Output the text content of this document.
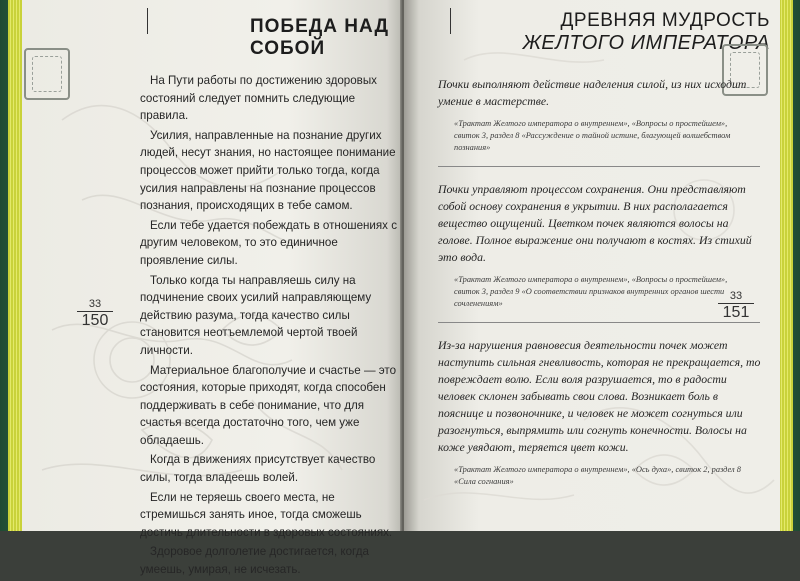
ПОБЕДА НАД СОБОЙ
33
150

На Пути работы по достижению здоровых состояний следует помнить следующие правила.

Усилия, направленные на познание других людей, несут знания, но настоящее понимание процессов может прийти только тогда, когда усилия направлены на познание процессов познания, происходящих в тебе самом.

Если тебе удается побеждать в отношениях с другим человеком, то это единичное проявление силы.

Только когда ты направляешь силу на подчинение своих усилий направляющему действию разума, тогда качество силы становится неотъемлемой чертой твоей личности.

Материальное благополучие и счастье — это состояния, которые приходят, когда способен поддерживать в себе понимание, что для счастья всегда достаточно того, чем уже обладаешь.

Когда в движениях присутствует качество силы, тогда владеешь волей.

Если не теряешь своего места, не стремишься занять иное, тогда сможешь достичь длительности в здоровых состояниях.

Здоровое долголетие достигается, когда умеешь, умирая, не исчезать.

ДРЕВНЯЯ МУДРОСТЬ
ЖЕЛТОГО ИМПЕРАТОРА
33
151

Почки выполняют действие наделения силой, из них исходит умение в мастерстве.

«Трактат Желтого императора о внутреннем», «Вопросы о простейшем», свиток 3, раздел 8 «Рассуждение о тайной истине, благующей волшебством познания»

Почки управляют процессом сохранения. Они представляют собой основу сохранения в укрытии. В них располагается вещество ощущений. Цветком почек являются волосы на голове. Полное выражение они получают в костях. Из стихий это вода.

«Трактат Желтого императора о внутреннем», «Вопросы о простейшем», свиток 3, раздел 9 «О соответствии признаков внутренних органов шести сочленениям»

Из-за нарушения равновесия деятельности почек может наступить сильная гневливость, которая не прекращается, то повреждает волю. Если воля разрушается, то в радости человек склонен забывать свои слова. Возникает боль в пояснице и позвоночнике, и человек не может согнуться или разогнуться, выпрямить или согнуть конечности. Волосы на коже увядают, теряется цвет кожи.

«Трактат Желтого императора о внутреннем», «Ось духа», свиток 2, раздел 8 «Сила согнания»
